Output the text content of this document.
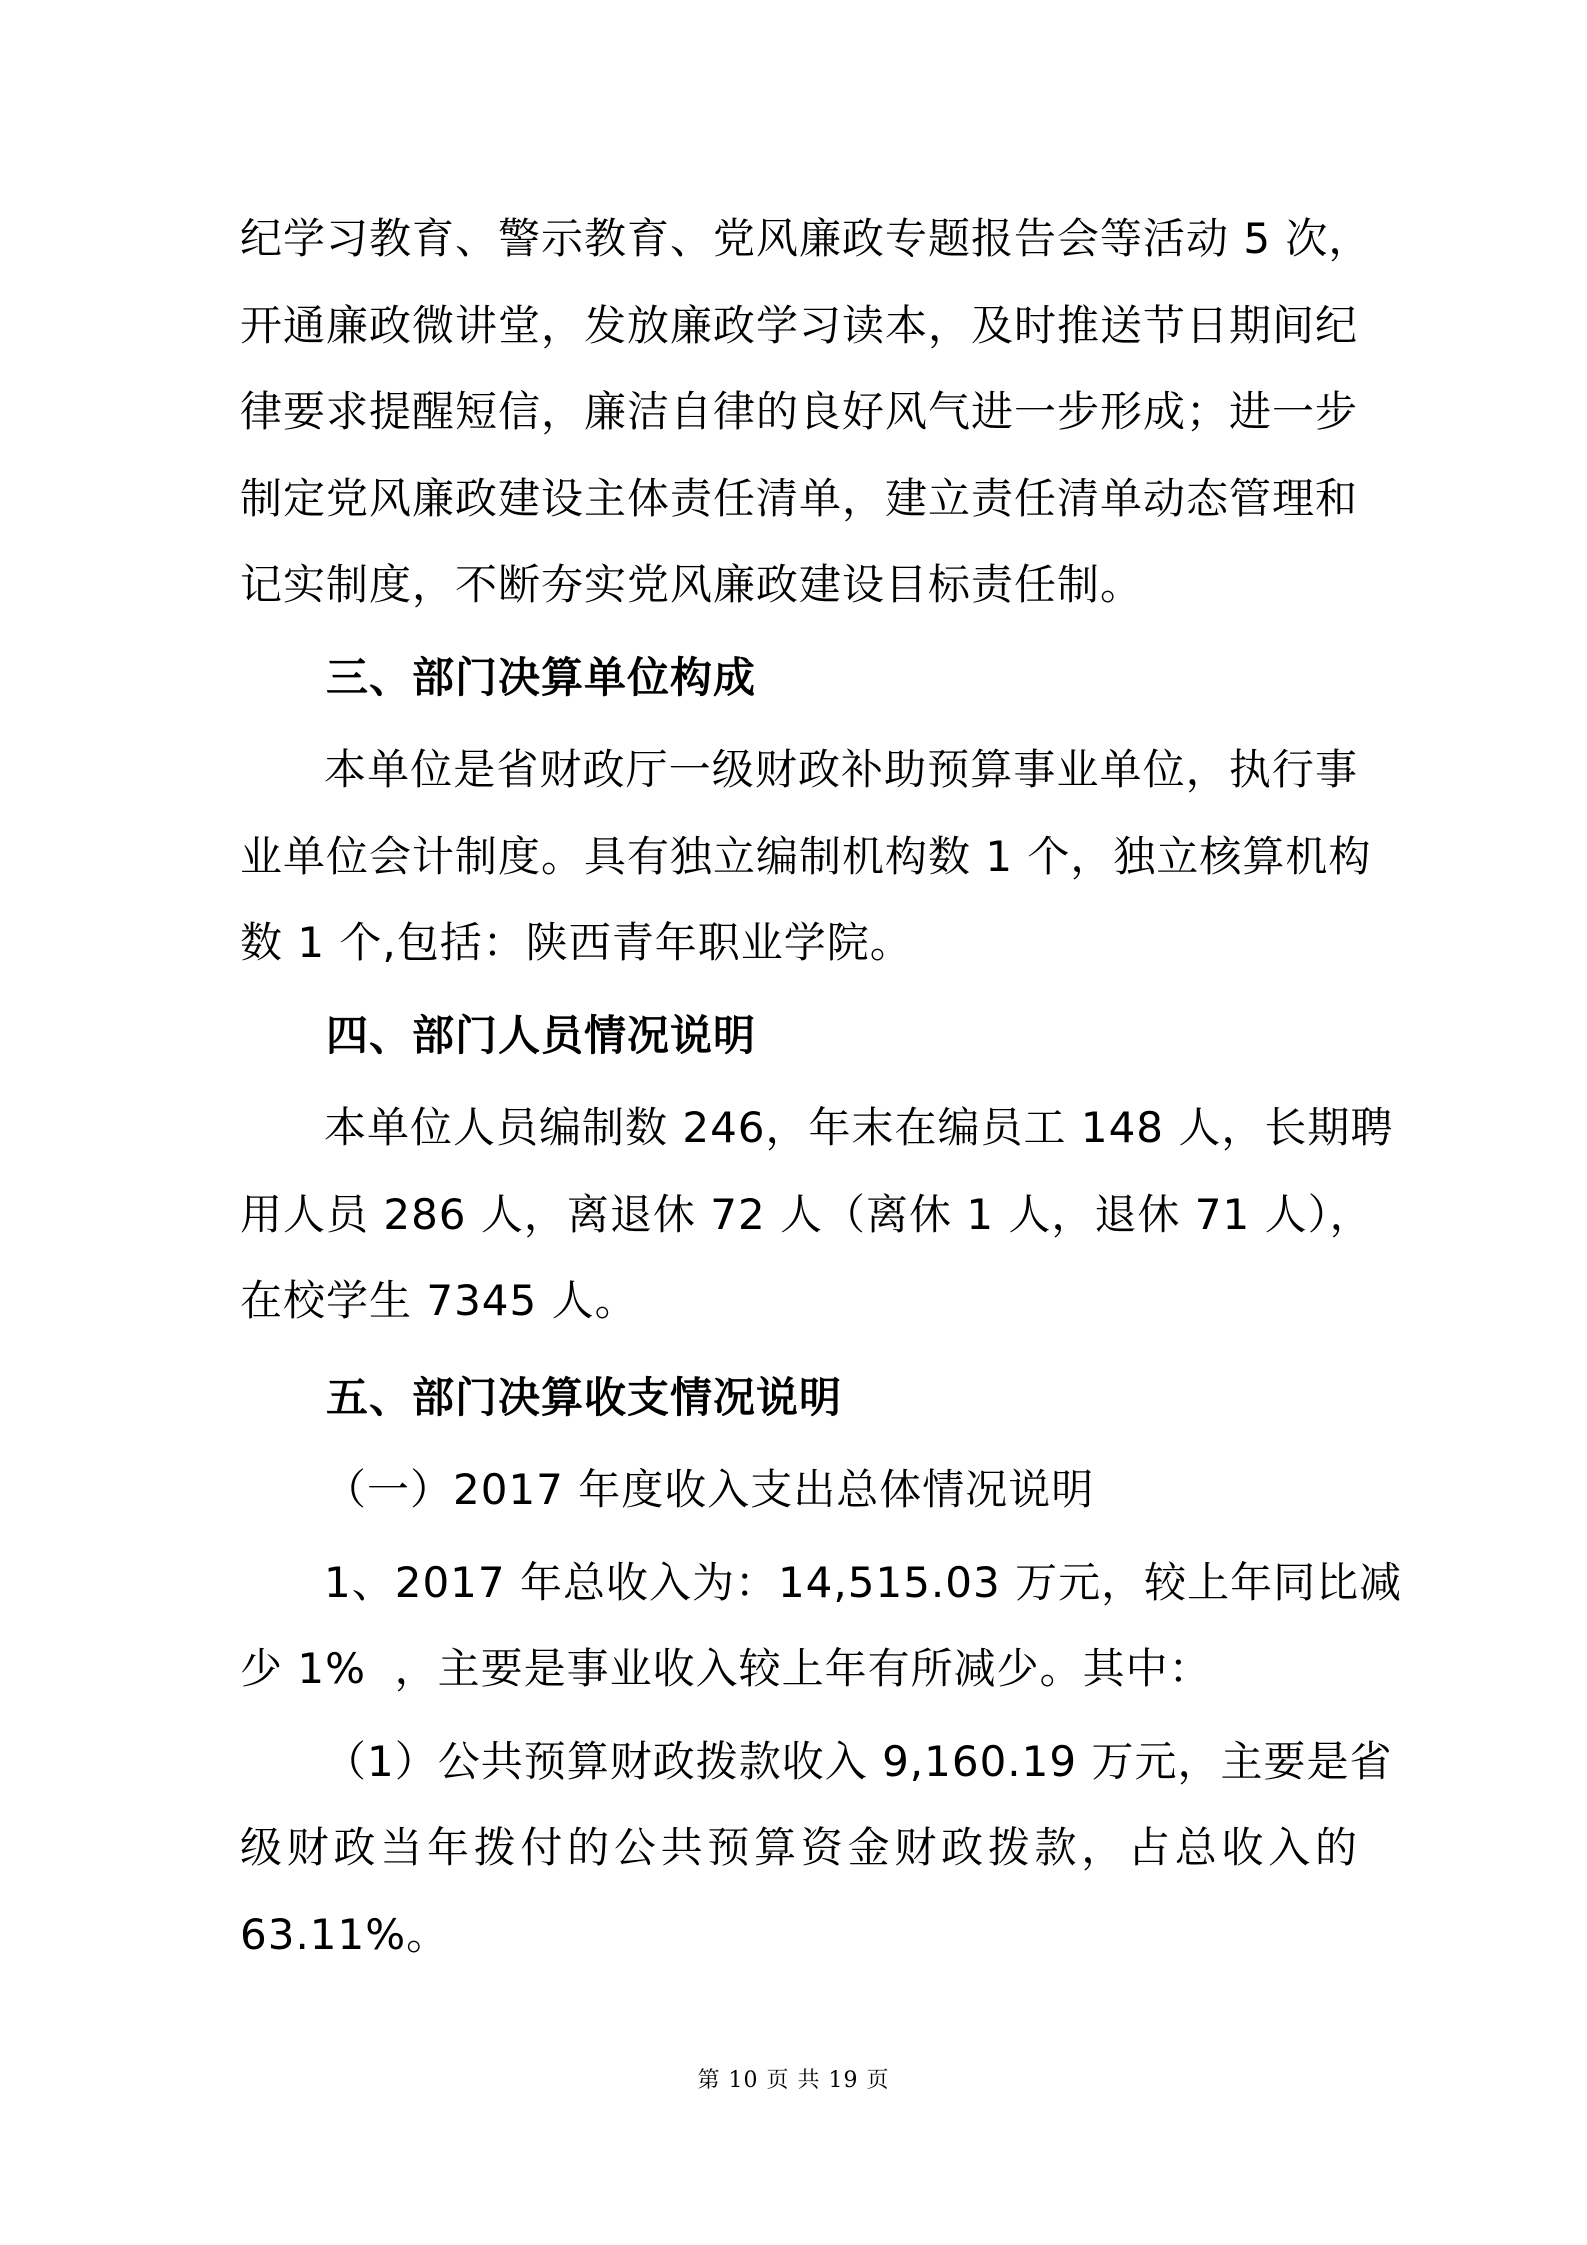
纪学习教育、警示教育、党风廉政专题报告会等活动 5 次，
开通廉政微讲堂，发放廉政学习读本，及时推送节日期间纪
律要求提醒短信，廉洁自律的良好风气进一步形成；进一步
制定党风廉政建设主体责任清单，建立责任清单动态管理和
记实制度，不断夯实党风廉政建设目标责任制。
三、部门决算单位构成
本单位是省财政厅一级财政补助预算事业单位，执行事
业单位会计制度。具有独立编制机构数 1 个，独立核算机构
数 1 个,包括：陕西青年职业学院。
四、部门人员情况说明
本单位人员编制数 246，年末在编员工 148 人，长期聘
用人员 286 人，离退休 72 人（离休 1 人，退休 71 人），
在校学生 7345 人。
五、部门决算收支情况说明
（一）2017 年度收入支出总体情况说明
1、2017 年总收入为：14,515.03 万元，较上年同比减
少 1%  ，主要是事业收入较上年有所减少。其中：
（1）公共预算财政拨款收入 9,160.19 万元，主要是省
级财政当年拨付的公共预算资金财政拨款，占总收入的
63.11%。
第 10 页 共 19 页
